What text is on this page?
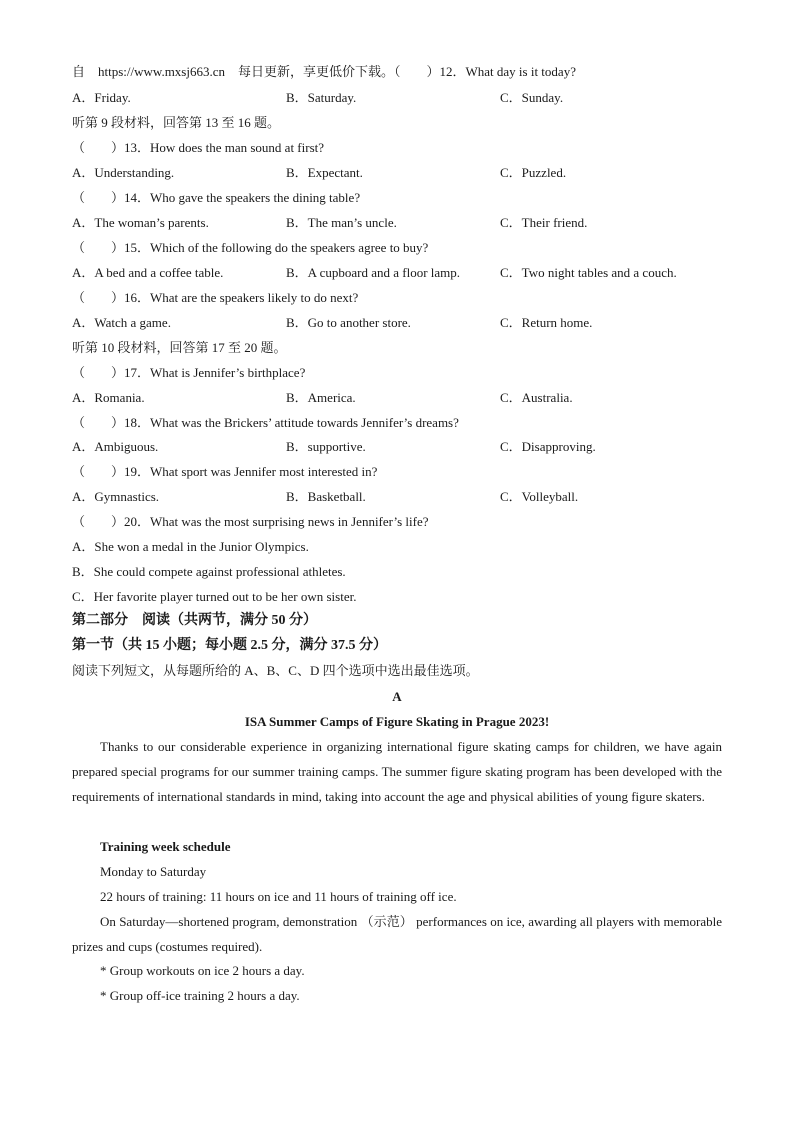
自　https://www.mxsj663.cn　每日更新，享更低价下载。（　　）12．What day is it today?
A．Friday.	B．Saturday.	C．Sunday.
听第 9 段材料，回答第 13 至 16 题。
（　　）13．How does the man sound at first?
A．Understanding.	B．Expectant.	C．Puzzled.
（　　）14．Who gave the speakers the dining table?
A．The woman’s parents.	B．The man’s uncle.	C．Their friend.
（　　）15．Which of the following do the speakers agree to buy?
A．A bed and a coffee table.	B．A cupboard and a floor lamp.	C．Two night tables and a couch.
（　　）16．What are the speakers likely to do next?
A．Watch a game.	B．Go to another store.	C．Return home.
听第 10 段材料，回答第 17 至 20 题。
（　　）17．What is Jennifer’s birthplace?
A．Romania.	B．America.	C．Australia.
（　　）18．What was the Brickers’ attitude towards Jennifer’s dreams?
A．Ambiguous.	B．supportive.	C．Disapproving.
（　　）19．What sport was Jennifer most interested in?
A．Gymnastics.	B．Basketball.	C．Volleyball.
（　　）20．What was the most surprising news in Jennifer’s life?
A．She won a medal in the Junior Olympics.
B．She could compete against professional athletes.
C．Her favorite player turned out to be her own sister.
第二部分　阅读（共两节，满分 50 分）
第一节（共 15 小题；每小题 2.5 分，满分 37.5 分）
阅读下列短文，从每题所给的 A、B、C、D 四个选项中选出最佳选项。
A
ISA Summer Camps of Figure Skating in Prague 2023!
Thanks to our considerable experience in organizing international figure skating camps for children, we have again prepared special programs for our summer training camps. The summer figure skating program has been developed with the requirements of international standards in mind, taking into account the age and physical abilities of young figure skaters.
Training week schedule
Monday to Saturday
22 hours of training: 11 hours on ice and 11 hours of training off ice.
On Saturday—shortened program, demonstration （示范） performances on ice, awarding all players with memorable prizes and cups (costumes required).
* Group workouts on ice 2 hours a day.
* Group off-ice training 2 hours a day.
